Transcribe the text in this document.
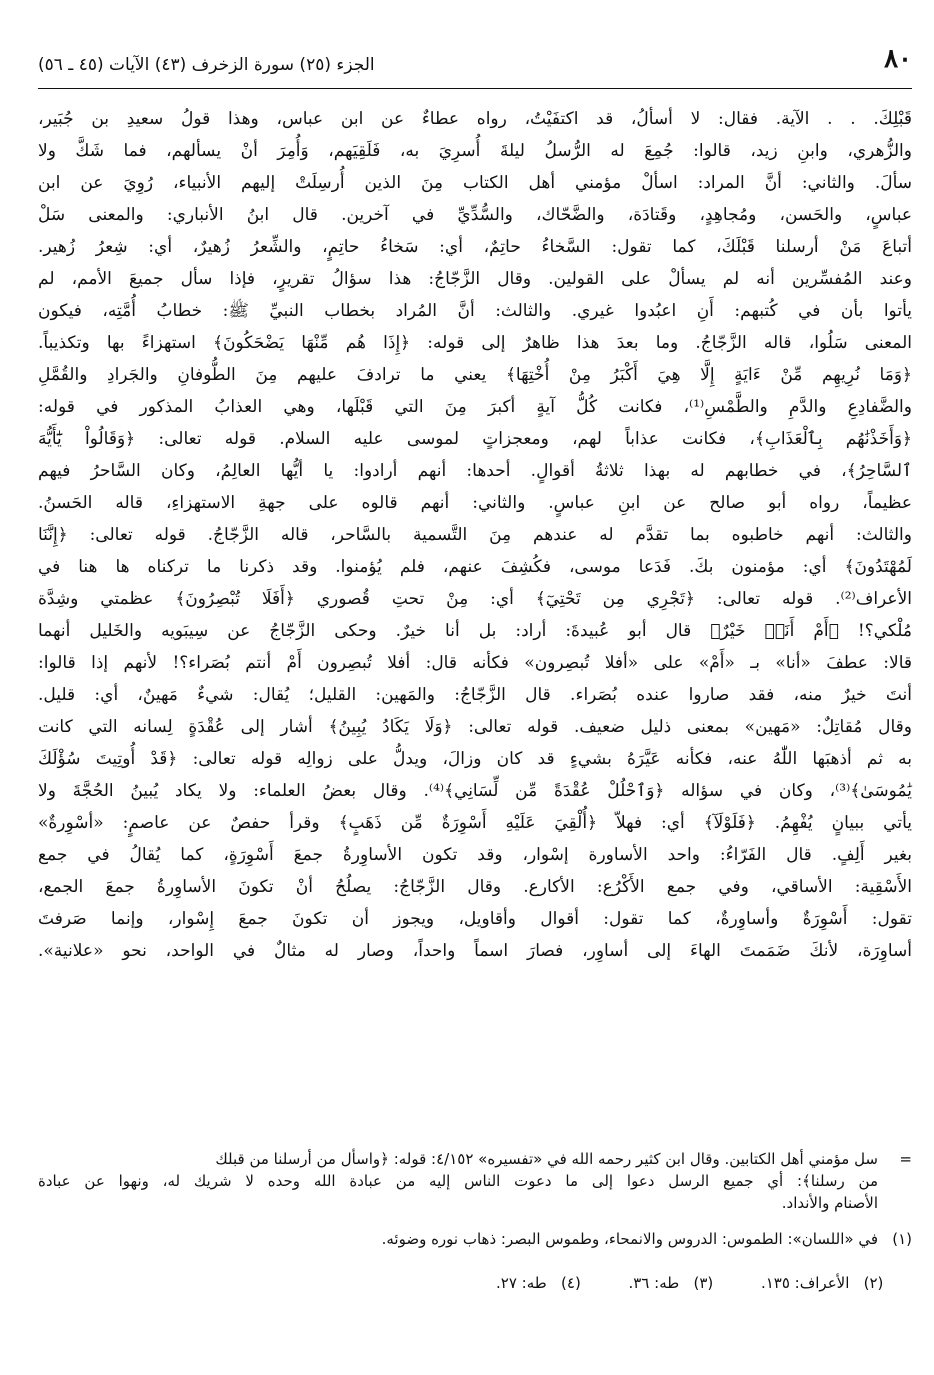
٨٠
الجزء (٢٥) سورة الزخرف (٤٣) الآيات (٤٥ ـ ٥٦)
قَبْلِكَ. . . الآية. فقال: لا أسألُ، قد اكتفَيْتُ، رواه عطاءٌ عن ابن عباس، وهذا قولُ سعيدِ بن جُبَير،
والزُّهري، وابنِ زيد، قالوا: جُمِعَ له الرُّسلُ ليلةَ أُسرِيَ به، فَلَقِيَهم، وَأُمِرَ أنْ يسألهم، فما شَكَّ ولا
سألَ. والثاني: أنَّ المراد: اسألْ مؤمني أهل الكتاب مِنَ الذين أُرسِلَتْ إليهم الأنبياء، رُوِيَ عن ابن
عباسٍ، والحَسن، ومُجاهِدٍ، وقَتادَة، والضَّحّاك، والسُّدِّيِّ في آخرين. قال ابنُ الأنباري: والمعنى سَلْ
أتباعَ مَنْ أرسلنا قَبْلَكَ، كما تقول: السَّخاءُ حاتِمٌ، أي: سَخاءُ حاتِمٍ، والشِّعرُ زُهيرٌ، أي: شِعرُ زُهير.
وعند المُفسِّرين أنه لم يسألْ على القولين. وقال الزَّجّاجُ: هذا سؤالُ تقريرٍ، فإذا سأل جميعَ الأمم، لم
يأتوا بأن في كُتبهم: أَنِ اعبُدوا غيري. والثالث: أنَّ المُراد بخطاب النبيِّ ﷺ: خطابُ أُمَّتِه، فيكون
المعنى سَلُوا، قاله الزَّجّاجُ. وما بعدَ هذا ظاهرٌ إلى قوله: ﴿إِذَا هُم مِّنْهَا يَضْحَكُونَ﴾ استهزاءً بها وتكذيباً.
﴿وَمَا نُرِيهِم مِّنْ ءَايَةٍ إِلَّا هِيَ أَكْبَرُ مِنْ أُخْتِهَا﴾ يعني ما ترادفَ عليهم مِنَ الطُّوفانِ والجَرادِ والقُمَّلِ
والضَّفادِعِ والدَّمِ والطَّمْسِ⁽¹⁾، فكانت كُلُّ آيةٍ أكبرَ مِنَ التي قَبْلَها، وهي العذابُ المذكور في قوله:
﴿وَأَخَذْنَٰهُم بِٱلْعَذَابِ﴾، فكانت عذاباً لهم، ومعجزاتٍ لموسى عليه السلام. قوله تعالى: ﴿وَقَالُواْ يَٰٓأَيُّهَ
ٱلسَّاحِرُ﴾، في خطابهم له بهذا ثلاثةُ أقوالٍ. أحدها: أنهم أرادوا: يا أيُّها العالِمُ، وكان السَّاحرُ فيهم
عظيماً، رواه أبو صالح عن ابنِ عباسٍ. والثاني: أنهم قالوه على جهةِ الاستهزاءِ، قاله الحَسنُ.
والثالث: أنهم خاطبوه بما تقدَّم له عندهم مِنَ التَّسمية بالسَّاحر، قاله الزَّجّاجُ. قوله تعالى: ﴿إِنَّنَا
لَمُهْتَدُونَ﴾ أي: مؤمنون بكَ. فَدَعا موسى، فكُشِفَ عنهم، فلم يُؤمنوا. وقد ذكرنا ما تركناه ها هنا في
الأعراف⁽²⁾. قوله تعالى: ﴿تَجْرِي مِن تَحْتِيٓ﴾ أي: مِنْ تحتِ قُصوري ﴿أَفَلَا تُبْصِرُونَ﴾ عظمتي وشِدَّة
مُلْكي؟! ﴿أَمْ أَنَا۠ خَيْرٌ﴾ قال أبو عُبيدةَ: أراد: بل أنا خيرٌ. وحكى الزَّجّاجُ عن سِيبَويه والخَليل أنهما
قالا: عطفَ «أنا» بـ «أَمْ» على «أفلا تُبصِرون» فكأنه قال: أفلا تُبصِرون أَمْ أنتم بُصَراء؟! لأنهم إذا قالوا:
أنتَ خيرٌ منه، فقد صاروا عنده بُصَراء. قال الزَّجّاجُ: والمَهين: القليل؛ يُقال: شيءٌ مَهينٌ، أي: قليل.
وقال مُقاتِلٌ: «مَهين» بمعنى ذليل ضعيف. قوله تعالى: ﴿وَلَا يَكَادُ يُبِينُ﴾ أشار إلى عُقْدَةٍ لِسانه التي كانت
به ثم أذهبَها اللّٰهُ عنه، فكأنه عَيَّرَهُ بشيءٍ قد كان وزالَ، ويدلُّ على زوالِه قوله تعالى: ﴿قَدْ أُوتِيتَ سُؤْلَكَ
يَٰمُوسَىٰ﴾⁽³⁾، وكان في سؤاله ﴿وَٱحْلُلْ عُقْدَةً مِّن لِّسَانِي﴾⁽⁴⁾. وقال بعضُ العلماء: ولا يكاد يُبينُ الحُجَّةَ ولا
يأتي ببيانٍ يُفْهِمُ. ﴿فَلَوْلَآ﴾ أي: فهلاّ ﴿أُلْقِيَ عَلَيْهِ أَسْوِرَةٌ مِّن ذَهَبٍ﴾ وقرأ حفصٌ عن عاصمٍ: «أسْوِرةٌ»
بغير أَلِفٍ. قال الفَرّاءُ: واحد الأساورة إسْوار، وقد تكون الأساوِرةُ جمعَ أَسْوِرَةٍ، كما يُقالُ في جمع
الأَسْقِية: الأساقي، وفي جمع الأَكْرُع: الأكارع. وقال الزَّجّاجُ: يصلُحُ أنْ تكونَ الأساوِرةُ جمعَ الجمع،
تقول: أَسْوِرَةٌ وأساوِرةٌ، كما تقول: أقوال وأقاويل، ويجوز أن تكونَ جمعَ إِسْوار، وإنما صَرفتَ
أساوِرَة، لأنكَ ضَمَمتَ الهاءَ إلى أساوِر، فصارَ اسماً واحداً، وصار له مثالٌ في الواحد، نحو «علانية».
=سل مؤمني أهل الكتابين. وقال ابن كثير رحمه الله في «تفسيره» ٤/١٥٢: قوله: ﴿واسأل من أرسلنا من قبلك
من رسلنا﴾: أي جميع الرسل دعوا إلى ما دعوت الناس إليه من عبادة الله وحده لا شريك له، ونهوا عن عبادة
الأصنام والأنداد.
(١)في «اللسان»: الطموس: الدروس والانمحاء، وطموس البصر: ذهاب نوره وضوئه.

(٢)الأعراف: ١٣٥.          (٣)   طه: ٣٦.          (٤)   طه: ٢٧.
